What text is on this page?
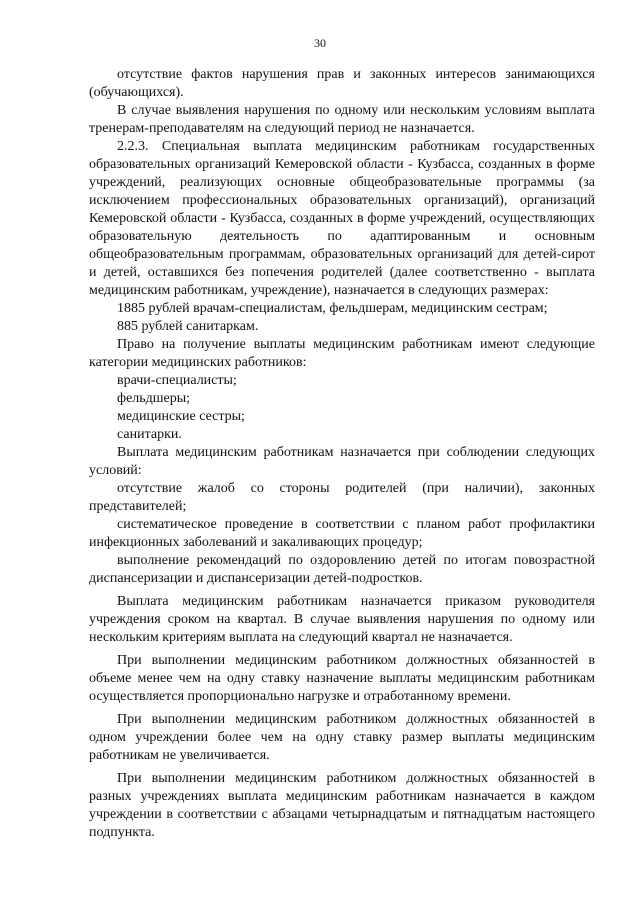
30

отсутствие фактов нарушения прав и законных интересов занимающихся (обучающихся).

В случае выявления нарушения по одному или нескольким условиям выплата тренерам-преподавателям на следующий период не назначается.

2.2.3. Специальная выплата медицинским работникам государственных образовательных организаций Кемеровской области - Кузбасса, созданных в форме учреждений, реализующих основные общеобразовательные программы (за исключением профессиональных образовательных организаций), организаций Кемеровской области - Кузбасса, созданных в форме учреждений, осуществляющих образовательную деятельность по адаптированным и основным общеобразовательным программам, образовательных организаций для детей-сирот и детей, оставшихся без попечения родителей (далее соответственно - выплата медицинским работникам, учреждение), назначается в следующих размерах:

1885 рублей врачам-специалистам, фельдшерам, медицинским сестрам;

885 рублей санитаркам.

Право на получение выплаты медицинским работникам имеют следующие категории медицинских работников:

врачи-специалисты;

фельдшеры;

медицинские сестры;

санитарки.

Выплата медицинским работникам назначается при соблюдении следующих условий:

отсутствие жалоб со стороны родителей (при наличии), законных представителей;

систематическое проведение в соответствии с планом работ профилактики инфекционных заболеваний и закаливающих процедур;

выполнение рекомендаций по оздоровлению детей по итогам повозрастной диспансеризации и диспансеризации детей-подростков.

Выплата медицинским работникам назначается приказом руководителя учреждения сроком на квартал. В случае выявления нарушения по одному или нескольким критериям выплата на следующий квартал не назначается.

При выполнении медицинским работником должностных обязанностей в объеме менее чем на одну ставку назначение выплаты медицинским работникам осуществляется пропорционально нагрузке и отработанному времени.

При выполнении медицинским работником должностных обязанностей в одном учреждении более чем на одну ставку размер выплаты медицинским работникам не увеличивается.

При выполнении медицинским работником должностных обязанностей в разных учреждениях выплата медицинским работникам назначается в каждом учреждении в соответствии с абзацами четырнадцатым и пятнадцатым настоящего подпункта.
